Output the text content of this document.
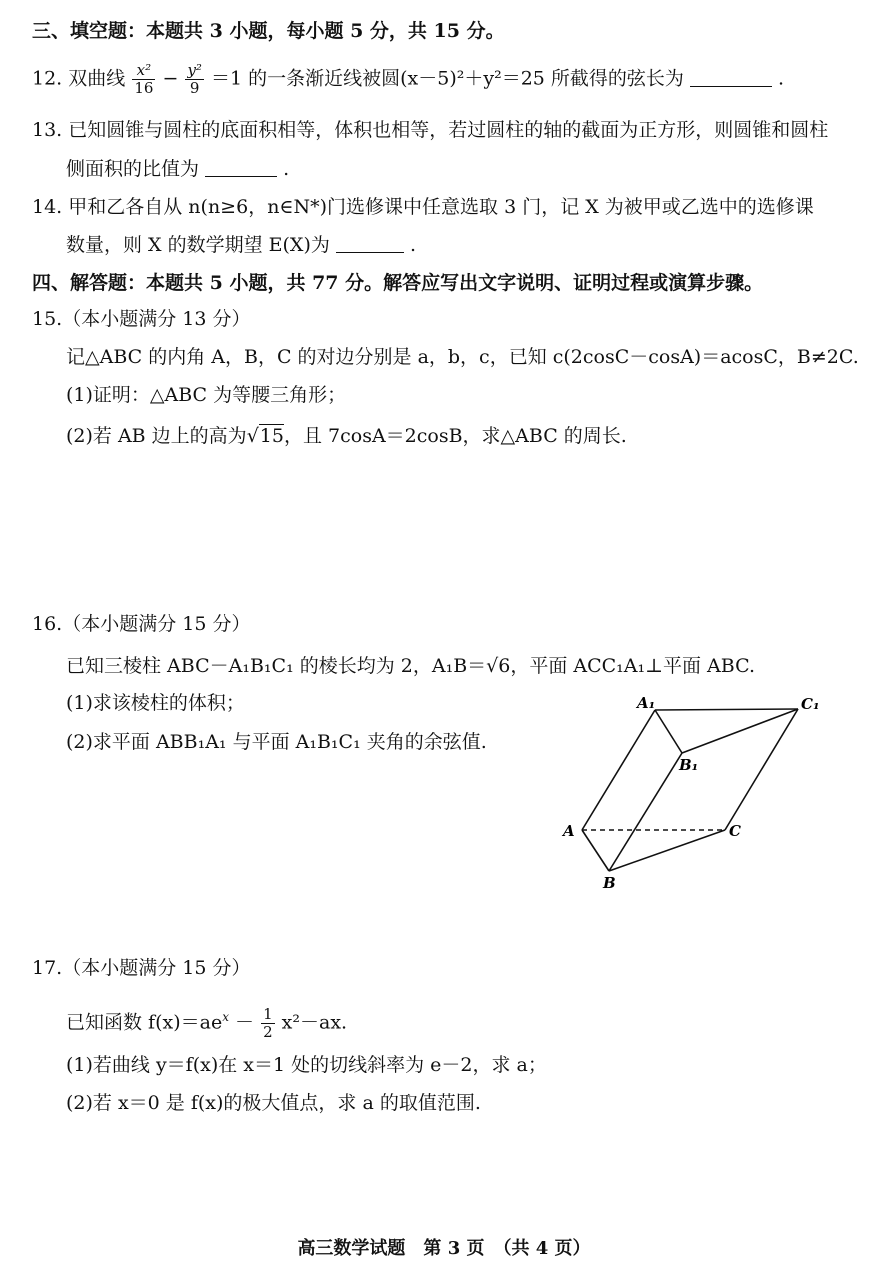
三、填空题：本题共 3 小题，每小题 5 分，共 15 分。
12. 双曲线 $\frac{\text{x²}}{16} - \frac{\text{y²}}{9} =1$ 的一条渐近线被圆(x－5)²＋y²＝25 所截得的弦长为	.
13. 已知圆锥与圆柱的底面积相等，体积也相等，若过圆柱的轴的截面为正方形，则圆锥和圆柱
侧面积的比值为	.
14. 甲和乙各自从 n(n≥6，n∈N*)门选修课中任意选取 3 门，记 X 为被甲或乙选中的选修课
数量，则 X 的数学期望 E(X)为	.
四、解答题：本题共 5 小题，共 77 分。解答应写出文字说明、证明过程或演算步骤。
15.（本小题满分 13 分）
记△ABC 的内角 A，B，C 的对边分别是 a，b，c，已知 c(2cosC－cosA)＝acosC，B≠2C.
(1)证明：△ABC 为等腰三角形；
(2)若 AB 边上的高为√15，且 7cosA＝2cosB，求△ABC 的周长.
16.（本小题满分 15 分）
已知三棱柱 ABC－A₁B₁C₁ 的棱长均为 2，A₁B＝√6，平面 ACC₁A₁⊥平面 ABC.
(1)求该棱柱的体积；
(2)求平面 ABB₁A₁ 与平面 A₁B₁C₁ 夹角的余弦值.
A₁	C₁
B₁
A	C
B
17.（本小题满分 15 分）
已知函数 $f(x)=ae^x - \frac{1}{2} x^2-ax$.
(1)若曲线 y＝f(x)在 x＝1 处的切线斜率为 e－2，求 a；
(2)若 x＝0 是 f(x)的极大值点，求 a 的取值范围.
高三数学试题　第 3 页　（共 4 页）
